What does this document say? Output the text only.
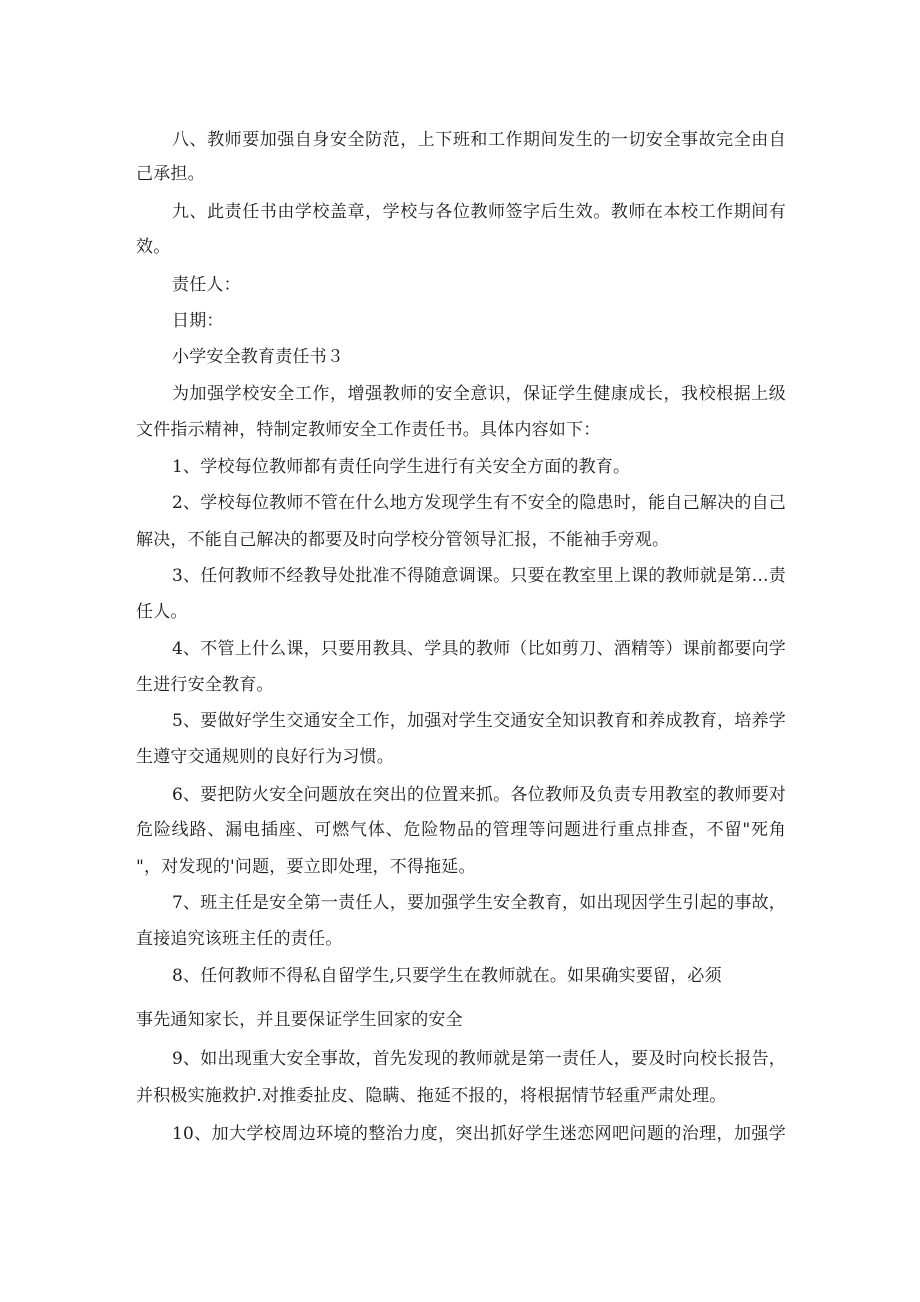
八、教师要加强自身安全防范，上下班和工作期间发生的一切安全事故完全由自
己承担。
九、此责任书由学校盖章，学校与各位教师签字后生效。教师在本校工作期间有
效。
责任人：
日期：
小学安全教育责任书３
为加强学校安全工作，增强教师的安全意识，保证学生健康成长，我校根据上级
文件指示精神，特制定教师安全工作责任书。具体内容如下：
1、学校每位教师都有责任向学生进行有关安全方面的教育。
2、学校每位教师不管在什么地方发现学生有不安全的隐患时，能自己解决的自己
解决，不能自己解决的都要及时向学校分管领导汇报，不能袖手旁观。
3、任何教师不经教导处批准不得随意调课。只要在教室里上课的教师就是第…责
任人。
4、不管上什么课，只要用教具、学具的教师（比如剪刀、酒精等）课前都要向学
生进行安全教育。
5、要做好学生交通安全工作，加强对学生交通安全知识教育和养成教育，培养学
生遵守交通规则的良好行为习惯。
6、要把防火安全问题放在突出的位置来抓。各位教师及负责专用教室的教师要对
危险线路、漏电插座、可燃气体、危险物品的管理等问题进行重点排查，不留"死角
"，对发现的'问题，要立即处理，不得拖延。
7、班主任是安全第一责任人，要加强学生安全教育，如出现因学生引起的事故，
直接追究该班主任的责任。
8、任何教师不得私自留学生,只要学生在教师就在。如果确实要留，必须
事先通知家长，并且要保证学生回家的安全
9、如出现重大安全事故，首先发现的教师就是第一责任人，要及时向校长报告，
并积极实施救护.对推委扯皮、隐瞒、拖延不报的，将根据情节轻重严肃处理。
10、加大学校周边环境的整治力度，突出抓好学生迷恋网吧问题的治理，加强学
